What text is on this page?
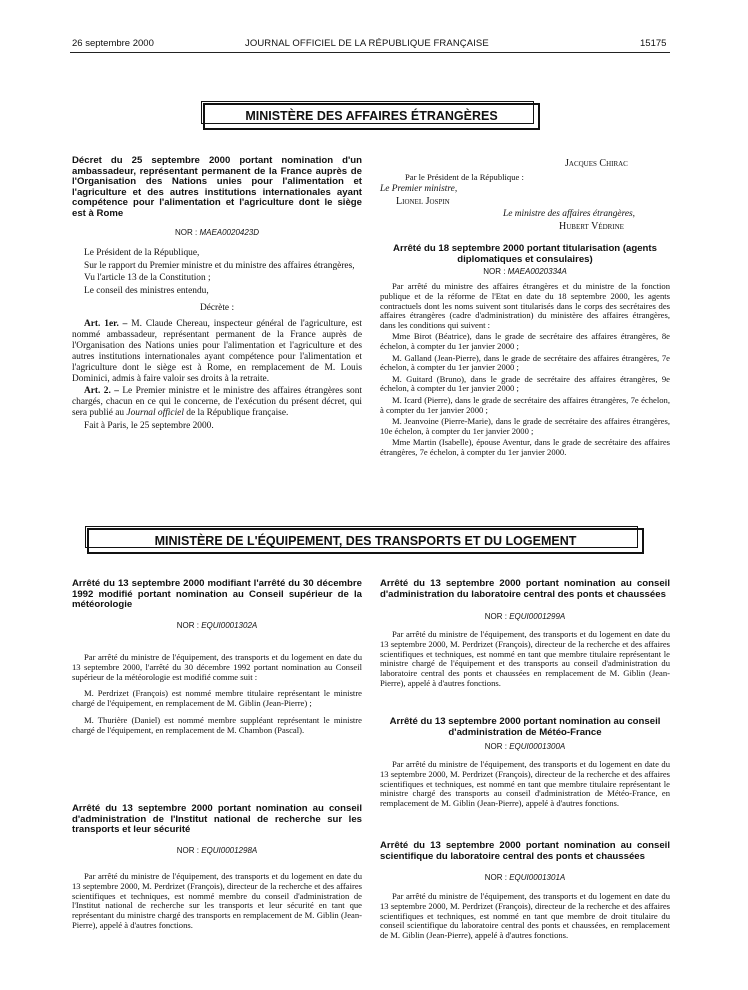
26 septembre 2000	JOURNAL OFFICIEL DE LA RÉPUBLIQUE FRANÇAISE	15175
MINISTÈRE DES AFFAIRES ÉTRANGÈRES
Décret du 25 septembre 2000 portant nomination d'un ambassadeur, représentant permanent de la France auprès de l'Organisation des Nations unies pour l'alimentation et l'agriculture et des autres institutions internationales ayant compétence pour l'alimentation et l'agriculture dont le siège est à Rome
NOR : MAEA0020423D

Le Président de la République,

Sur le rapport du Premier ministre et du ministre des affaires étrangères,

Vu l'article 13 de la Constitution ;

Le conseil des ministres entendu,

Décrète :

Art. 1er. – M. Claude Chereau, inspecteur général de l'agriculture, est nommé ambassadeur, représentant permanent de la France auprès de l'Organisation des Nations unies pour l'alimentation et l'agriculture et des autres institutions internationales ayant compétence pour l'alimentation et l'agriculture dont le siège est à Rome, en remplacement de M. Louis Dominici, admis à faire valoir ses droits à la retraite.

Art. 2. – Le Premier ministre et le ministre des affaires étrangères sont chargés, chacun en ce qui le concerne, de l'exécution du présent décret, qui sera publié au Journal officiel de la République française.

Fait à Paris, le 25 septembre 2000.

Jacques Chirac
Par le Président de la République :
Le Premier ministre,
Lionel Jospin
Le ministre des affaires étrangères,
Hubert Védrine
Arrêté du 18 septembre 2000 portant titularisation (agents diplomatiques et consulaires)
NOR : MAEA0020334A

Par arrêté du ministre des affaires étrangères et du ministre de la fonction publique et de la réforme de l'Etat en date du 18 septembre 2000, les agents contractuels dont les noms suivent sont titularisés dans le corps des secrétaires des affaires étrangères (cadre d'administration) du ministère des affaires étrangères, dans les conditions qui suivent :

Mme Birot (Béatrice), dans le grade de secrétaire des affaires étrangères, 8e échelon, à compter du 1er janvier 2000 ;

M. Galland (Jean-Pierre), dans le grade de secrétaire des affaires étrangères, 7e échelon, à compter du 1er janvier 2000 ;

M. Guitard (Bruno), dans le grade de secrétaire des affaires étrangères, 9e échelon, à compter du 1er janvier 2000 ;

M. Icard (Pierre), dans le grade de secrétaire des affaires étrangères, 7e échelon, à compter du 1er janvier 2000 ;

M. Jeanvoine (Pierre-Marie), dans le grade de secrétaire des affaires étrangères, 10e échelon, à compter du 1er janvier 2000 ;

Mme Martin (Isabelle), épouse Aventur, dans le grade de secrétaire des affaires étrangères, 7e échelon, à compter du 1er janvier 2000.

MINISTÈRE DE L'ÉQUIPEMENT, DES TRANSPORTS ET DU LOGEMENT
Arrêté du 13 septembre 2000 modifiant l'arrêté du 30 décembre 1992 modifié portant nomination au Conseil supérieur de la météorologie
NOR : EQUI0001302A

Par arrêté du ministre de l'équipement, des transports et du logement en date du 13 septembre 2000, l'arrêté du 30 décembre 1992 portant nomination au Conseil supérieur de la météorologie est modifié comme suit :

M. Perdrizet (François) est nommé membre titulaire représentant le ministre chargé de l'équipement, en remplacement de M. Giblin (Jean-Pierre) ;

M. Thurière (Daniel) est nommé membre suppléant représentant le ministre chargé de l'équipement, en remplacement de M. Chambon (Pascal).

Arrêté du 13 septembre 2000 portant nomination au conseil d'administration de l'Institut national de recherche sur les transports et leur sécurité
NOR : EQUI0001298A

Par arrêté du ministre de l'équipement, des transports et du logement en date du 13 septembre 2000, M. Perdrizet (François), directeur de la recherche et des affaires scientifiques et techniques, est nommé membre du conseil d'administration de l'Institut national de recherche sur les transports et leur sécurité en tant que représentant du ministre chargé des transports en remplacement de M. Giblin (Jean-Pierre), appelé à d'autres fonctions.

Arrêté du 13 septembre 2000 portant nomination au conseil d'administration du laboratoire central des ponts et chaussées
NOR : EQUI0001299A

Par arrêté du ministre de l'équipement, des transports et du logement en date du 13 septembre 2000, M. Perdrizet (François), directeur de la recherche et des affaires scientifiques et techniques, est nommé en tant que membre titulaire représentant le ministre chargé de l'équipement et des transports au conseil d'administration du laboratoire central des ponts et chaussées en remplacement de M. Giblin (Jean-Pierre), appelé à d'autres fonctions.

Arrêté du 13 septembre 2000 portant nomination au conseil d'administration de Météo-France
NOR : EQUI0001300A

Par arrêté du ministre de l'équipement, des transports et du logement en date du 13 septembre 2000, M. Perdrizet (François), directeur de la recherche et des affaires scientifiques et techniques, est nommé en tant que membre titulaire représentant le ministre chargé des transports au conseil d'administration de Météo-France, en remplacement de M. Giblin (Jean-Pierre), appelé à d'autres fonctions.

Arrêté du 13 septembre 2000 portant nomination au conseil scientifique du laboratoire central des ponts et chaussées
NOR : EQUI0001301A

Par arrêté du ministre de l'équipement, des transports et du logement en date du 13 septembre 2000, M. Perdrizet (François), directeur de la recherche et des affaires scientifiques et techniques, est nommé en tant que membre de droit titulaire du conseil scientifique du laboratoire central des ponts et chaussées, en remplacement de M. Giblin (Jean-Pierre), appelé à d'autres fonctions.
